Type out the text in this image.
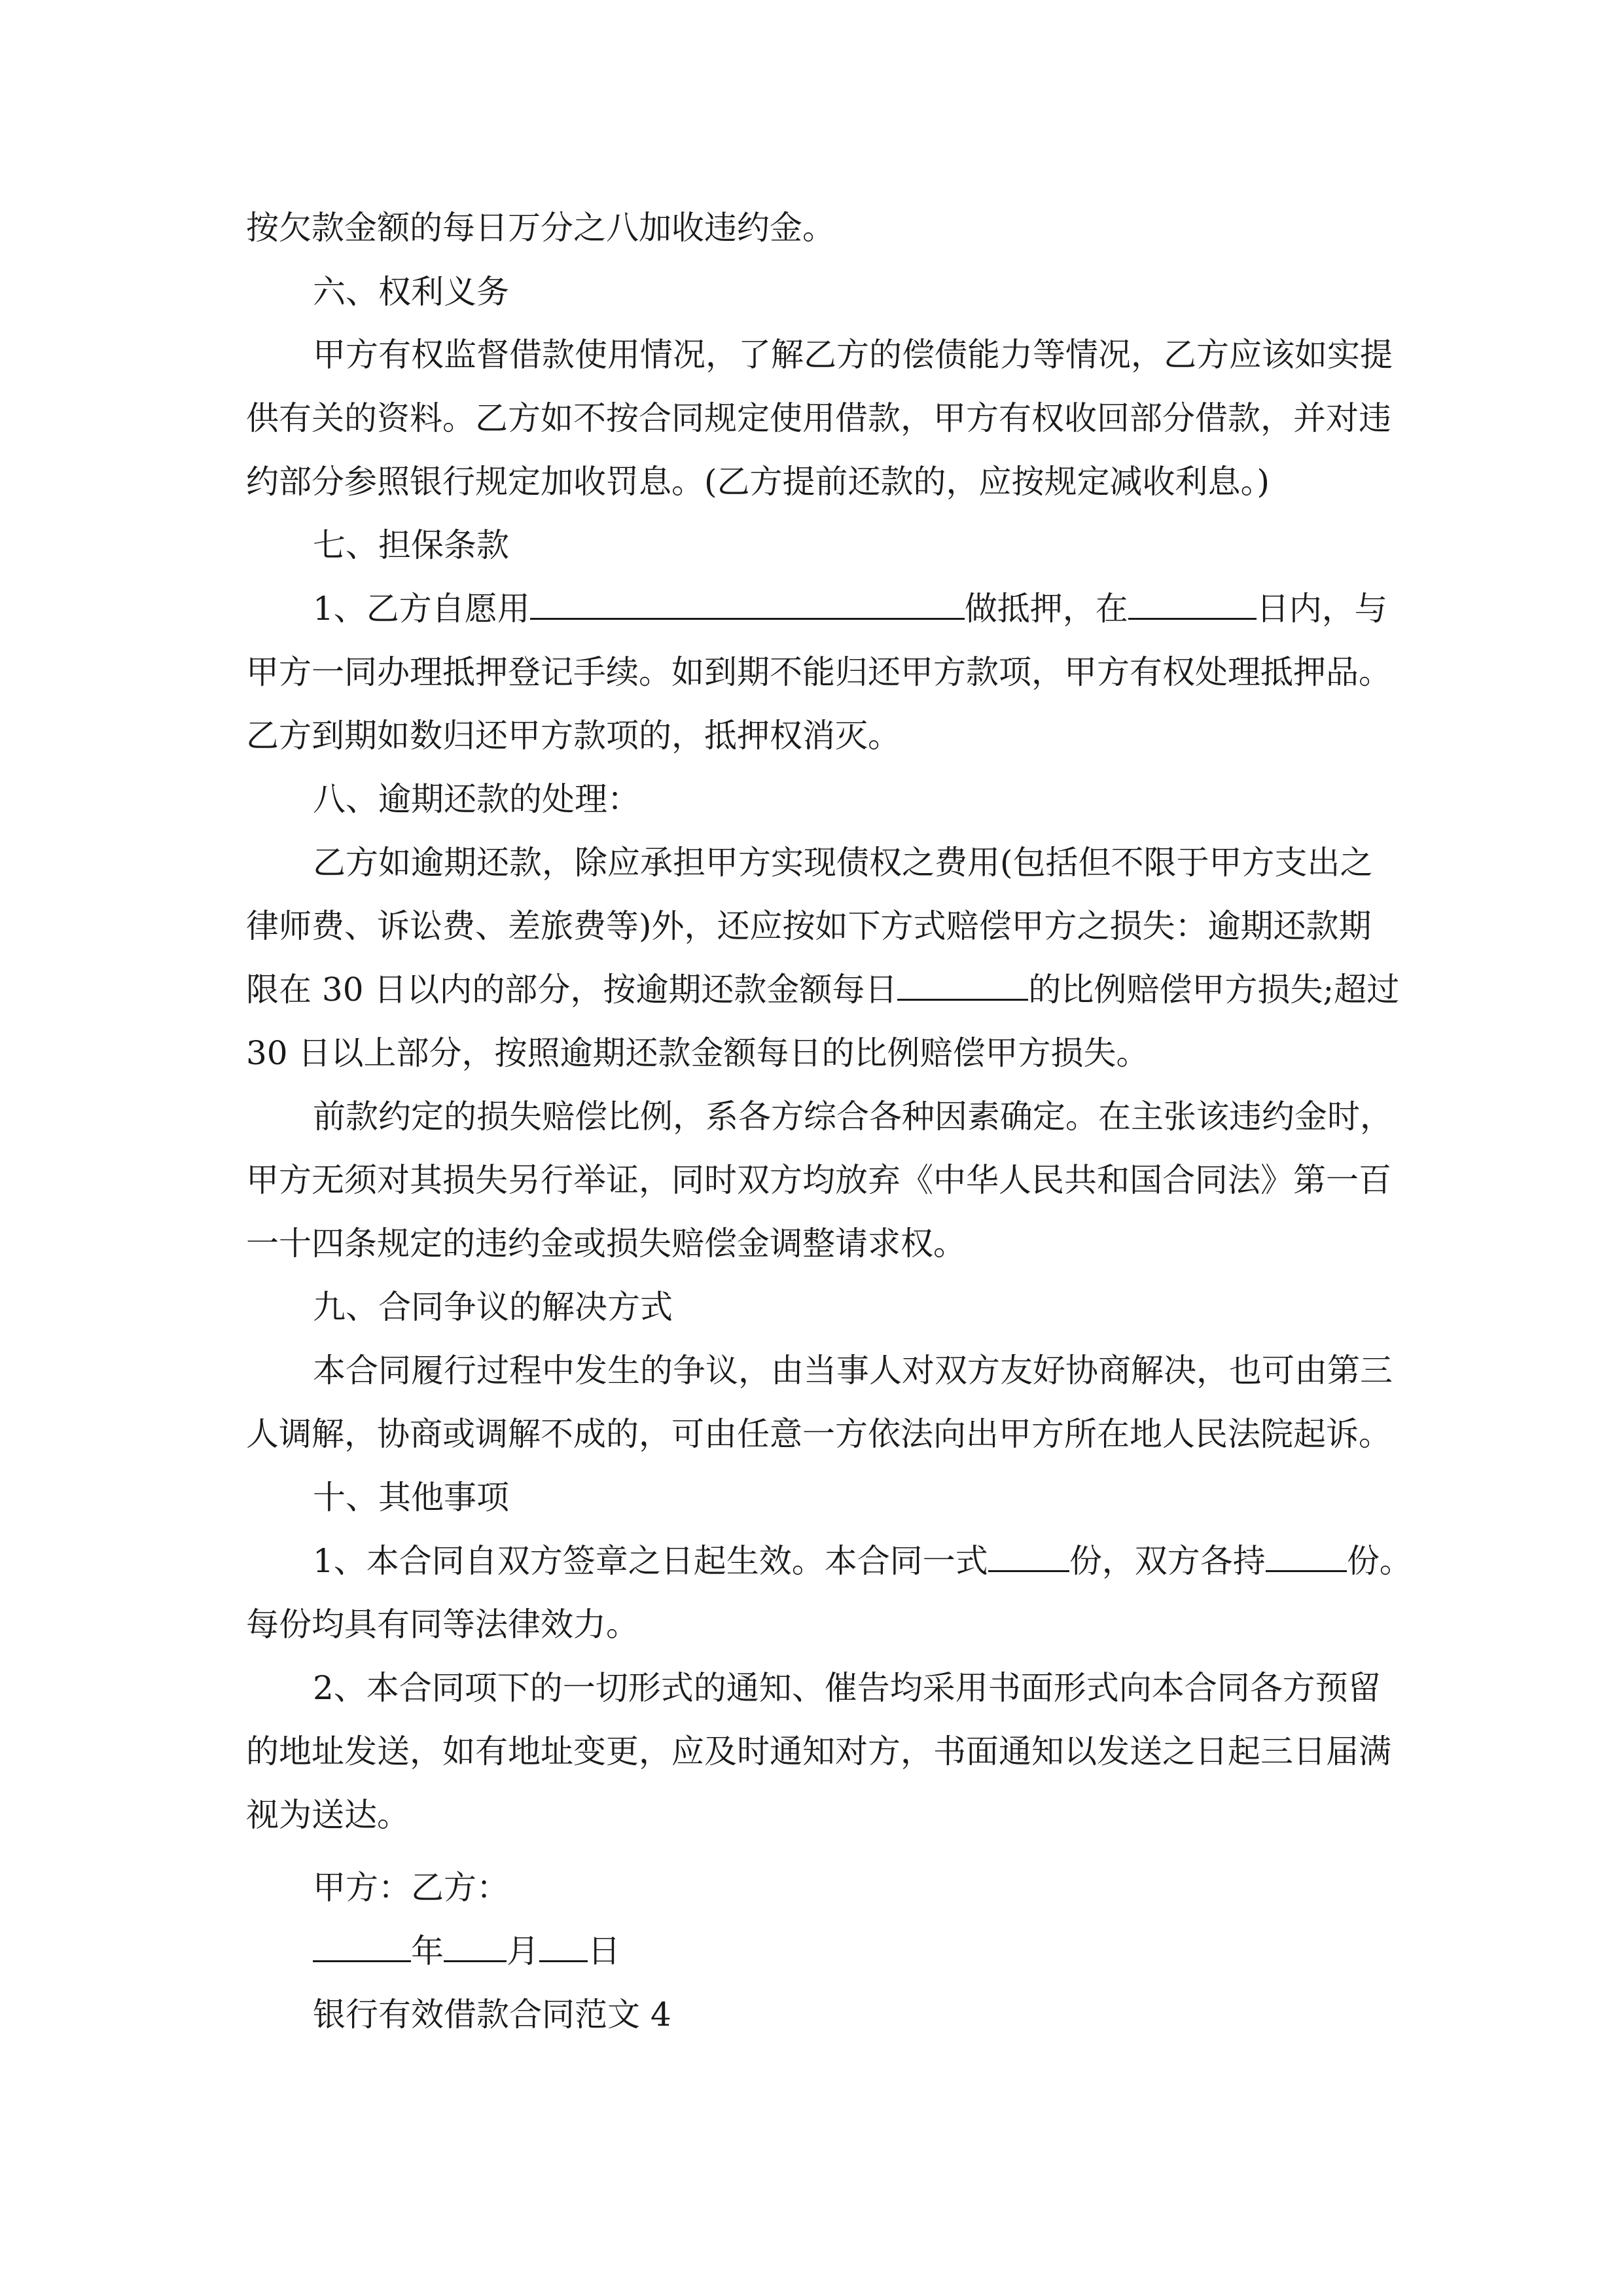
按欠款金额的每日万分之八加收违约金。
六、权利义务
甲方有权监督借款使用情况，了解乙方的偿债能力等情况，乙方应该如实提
供有关的资料。乙方如不按合同规定使用借款，甲方有权收回部分借款，并对违
约部分参照银行规定加收罚息。(乙方提前还款的，应按规定减收利息。)
七、担保条款
1、乙方自愿用	做抵押，在	日内，与
甲方一同办理抵押登记手续。如到期不能归还甲方款项，甲方有权处理抵押品。
乙方到期如数归还甲方款项的，抵押权消灭。
八、逾期还款的处理：
乙方如逾期还款，除应承担甲方实现债权之费用(包括但不限于甲方支出之
律师费、诉讼费、差旅费等)外，还应按如下方式赔偿甲方之损失：逾期还款期
限在 30 日以内的部分，按逾期还款金额每日	的比例赔偿甲方损失;超过
30 日以上部分，按照逾期还款金额每日的比例赔偿甲方损失。
前款约定的损失赔偿比例，系各方综合各种因素确定。在主张该违约金时，
甲方无须对其损失另行举证，同时双方均放弃《中华人民共和国合同法》第一百
一十四条规定的违约金或损失赔偿金调整请求权。
九、合同争议的解决方式
本合同履行过程中发生的争议，由当事人对双方友好协商解决，也可由第三
人调解，协商或调解不成的，可由任意一方依法向出甲方所在地人民法院起诉。
十、其他事项
1、本合同自双方签章之日起生效。本合同一式 份，双方各持 份。
每份均具有同等法律效力。
2、本合同项下的一切形式的通知、催告均采用书面形式向本合同各方预留
的地址发送，如有地址变更，应及时通知对方，书面通知以发送之日起三日届满
视为送达。
甲方：乙方：
年 月 日
银行有效借款合同范文 4
